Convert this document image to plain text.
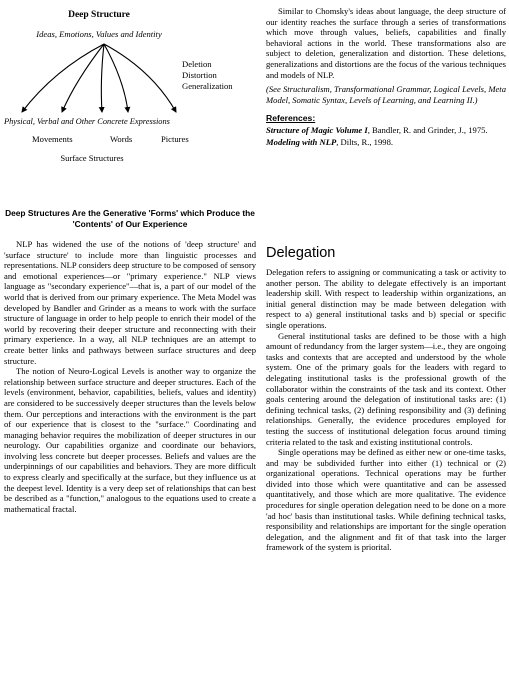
Deep Structure
Ideas, Emotions, Values and Identity
Deletion
Distortion
Generalization
Physical, Verbal and Other Concrete Expressions
Movements	Words	Pictures
Surface Structures
Deep Structures Are the Generative 'Forms' which Produce the 'Contents' of Our Experience

NLP has widened the use of the notions of 'deep structure' and 'surface structure' to include more than linguistic processes and representations. NLP considers deep structure to be composed of sensory and emotional experiences—or "primary experience." NLP views language as "secondary experience"—that is, a part of our model of the world that is derived from our primary experience. The Meta Model was developed by Bandler and Grinder as a means to work with the surface structure of language in order to help people to enrich their model of the world by recovering their deeper structure and reconnecting with their primary experience. In a way, all NLP techniques are an attempt to create better links and pathways between surface structures and deep structure.

The notion of Neuro-Logical Levels is another way to organize the relationship between surface structure and deeper structures. Each of the levels (environment, behavior, capabilities, beliefs, values and identity) are considered to be successively deeper structures than the levels below them. Our perceptions and interactions with the environment is the part of our experience that is closest to the "surface." Coordinating and managing behavior requires the mobilization of deeper structures in our neurology. Our capabilities organize and coordinate our behaviors, involving less concrete but deeper processes. Beliefs and values are the underpinnings of our capabilities and behaviors. They are more difficult to express clearly and specifically at the surface, but they influence us at the deepest level. Identity is a very deep set of relationships that can best be described as a "function," analogous to the equations used to create a mathematical fractal.

Similar to Chomsky's ideas about language, the deep structure of our identity reaches the surface through a series of transformations which move through values, beliefs, capabilities and finally behavioral actions in the world. These transformations also are subject to deletion, generalization and distortion. These deletions, generalizations and distortions are the focus of the various techniques and models of NLP.

(See Structuralism, Transformational Grammar, Logical Levels, Meta Model, Somatic Syntax, Levels of Learning, and Learning II.)

References:

Structure of Magic Volume I, Bandler, R. and Grinder, J., 1975.

Modeling with NLP, Dilts, R., 1998.

Delegation

Delegation refers to assigning or communicating a task or activity to another person. The ability to delegate effectively is an important leadership skill. With respect to leadership within organizations, an initial general distinction may be made between delegation with respect to a) general institutional tasks and b) special or specific single operations.

General institutional tasks are defined to be those with a high amount of redundancy from the larger system—i.e., they are ongoing tasks and contexts that are accepted and understood by the whole system. One of the primary goals for the leaders with regard to delegating institutional tasks is the professional growth of the collaborator within the constraints of the task and its context. Other goals centering around the delegation of institutional tasks are: (1) defining technical tasks, (2) defining responsibility and (3) defining relationships. Generally, the evidence procedures employed for testing the success of institutional delegation focus around timing criteria related to the task and existing institutional controls.

Single operations may be defined as either new or one-time tasks, and may be subdivided further into either (1) technical or (2) organizational operations. Technical operations may be further divided into those which were quantitative and can be assessed quantitatively, and those which are more qualitative. The evidence procedures for single operation delegation need to be done on a more 'ad hoc' basis than institutional tasks. While defining technical tasks, responsibility and relationships are important for the single operation delegation, and the alignment and fit of that task into the larger framework of the system is priorital.
